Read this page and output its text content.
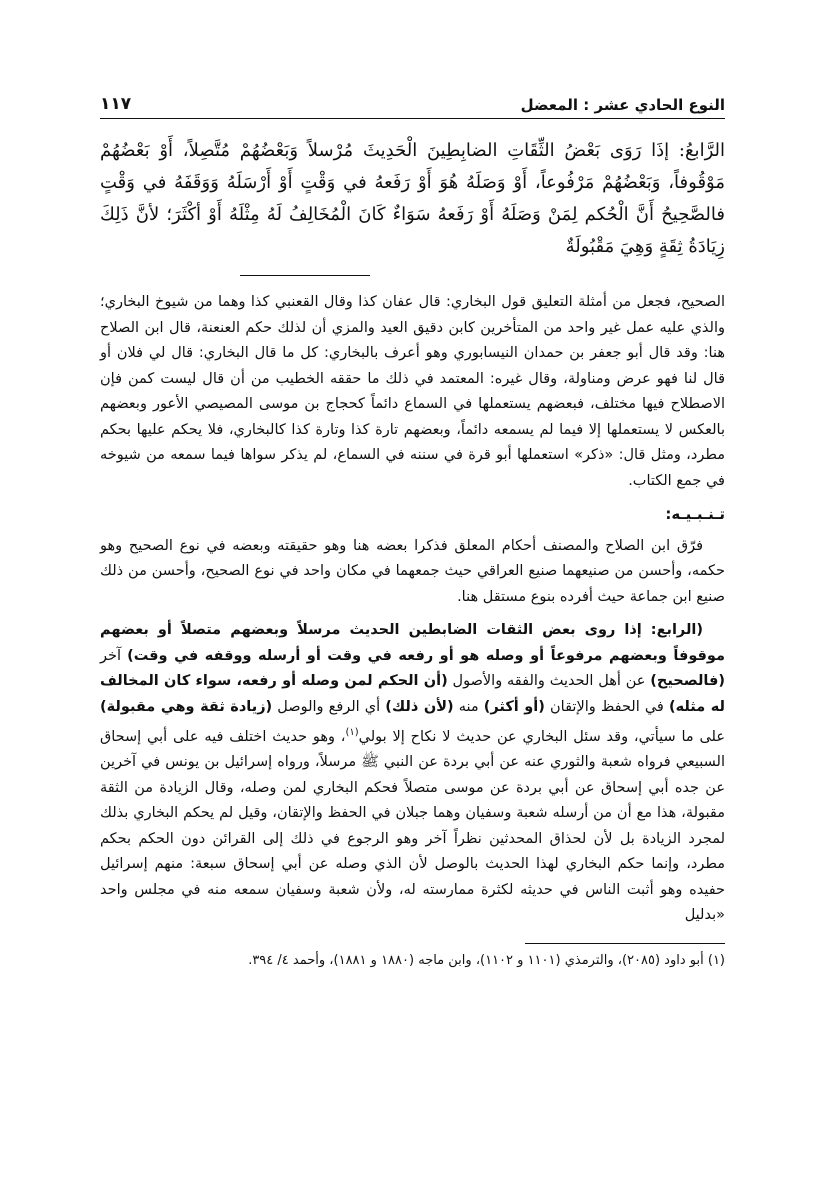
النوع الحادي عشر : المعضل
١١٧
الرَّابعُ: إذَا رَوَى بَعْضُ الثِّقَاتِ الضابِطِينَ الْحَدِيثَ مُرْسلاً وَبَعْضُهُمْ مُتَّصِلاً، أَوْ بَعْضُهُمْ مَوْقُوفاً، وَبَعْضُهُمْ مَرْفُوعاً، أَوْ وَصَلَهُ هُوَ أَوْ رَفَعهُ في وَقْتٍ أَوْ أَرْسَلَهُ وَوَقَفَهُ في وَقْتٍ فالصَّحِيحُ أَنَّ الْحُكم لِمَنْ وَصَلَهُ أَوْ رَفَعهُ سَوَاءٌ كَانَ الْمُخَالِفُ لَهُ مِثْلَهُ أَوْ أكْثَرَ؛ لأنَّ ذَلِكَ زِيَادَةُ ثِقَةٍ وَهِيَ مَقْبُولَةٌ

الصحيح، فجعل من أمثلة التعليق قول البخاري: قال عفان كذا وقال القعنبي كذا وهما من شيوخ البخاري؛ والذي عليه عمل غير واحد من المتأخرين كابن دقيق العيد والمزي أن لذلك حكم العنعنة، قال ابن الصلاح هنا: وقد قال أبو جعفر بن حمدان النيسابوري وهو أعرف بالبخاري: كل ما قال البخاري: قال لي فلان أو قال لنا فهو عرض ومناولة، وقال غيره: المعتمد في ذلك ما حققه الخطيب من أن قال ليست كمن فإن الاصطلاح فيها مختلف، فبعضهم يستعملها في السماع دائماً كحجاج بن موسى المصيصي الأعور وبعضهم بالعكس لا يستعملها إلا فيما لم يسمعه دائماً، وبعضهم تارة كذا وتارة كذا كالبخاري، فلا يحكم عليها بحكم مطرد، ومثل قال: «ذكر» استعملها أبو قرة في سننه في السماع، لم يذكر سواها فيما سمعه من شيوخه في جمع الكتاب.

تـنـبـيـه:

فرّق ابن الصلاح والمصنف أحكام المعلق فذكرا بعضه هنا وهو حقيقته وبعضه في نوع الصحيح وهو حكمه، وأحسن من صنيعهما صنيع العراقي حيث جمعهما في مكان واحد في نوع الصحيح، وأحسن من ذلك صنيع ابن جماعة حيث أفرده بنوع مستقل هنا.

(الرابع: إذا روى بعض الثقات الضابطين الحديث مرسلاً وبعضهم متصلاً أو بعضهم موقوفاً وبعضهم مرفوعاً أو وصله هو أو رفعه في وقت أو أرسله ووقفه في وقت) آخر (فالصحيح) عن أهل الحديث والفقه والأصول (أن الحكم لمن وصله أو رفعه، سواء كان المخالف له مثله) في الحفظ والإتقان (أو أكثر) منه (لأن ذلك) أي الرفع والوصل (زيادة ثقة وهي مقبولة) على ما سيأتي، وقد سئل البخاري عن حديث لا نكاح إلا بولي$^{(١)}$، وهو حديث اختلف فيه على أبي إسحاق السبيعي فرواه شعبة والثوري عنه عن أبي بردة عن النبي ﷺ مرسلاً، ورواه إسرائيل بن يونس في آخرين عن جده أبي إسحاق عن أبي بردة عن موسى متصلاً فحكم البخاري لمن وصله، وقال الزيادة من الثقة مقبولة، هذا مع أن من أرسله شعبة وسفيان وهما جبلان في الحفظ والإتقان، وقيل لم يحكم البخاري بذلك لمجرد الزيادة بل لأن لحذاق المحدثين نظراً آخر وهو الرجوع في ذلك إلى القرائن دون الحكم بحكم مطرد، وإنما حكم البخاري لهذا الحديث بالوصل لأن الذي وصله عن أبي إسحاق سبعة: منهم إسرائيل حفيده وهو أثبت الناس في حديثه لكثرة ممارسته له، ولأن شعبة وسفيان سمعه منه في مجلس واحد «بدليل

(١) أبو داود (٢٠٨٥)، والترمذي (١١٠١ و ١١٠٢)، وابن ماجه (١٨٨٠ و ١٨٨١)، وأحمد ٤/ ٣٩٤.
